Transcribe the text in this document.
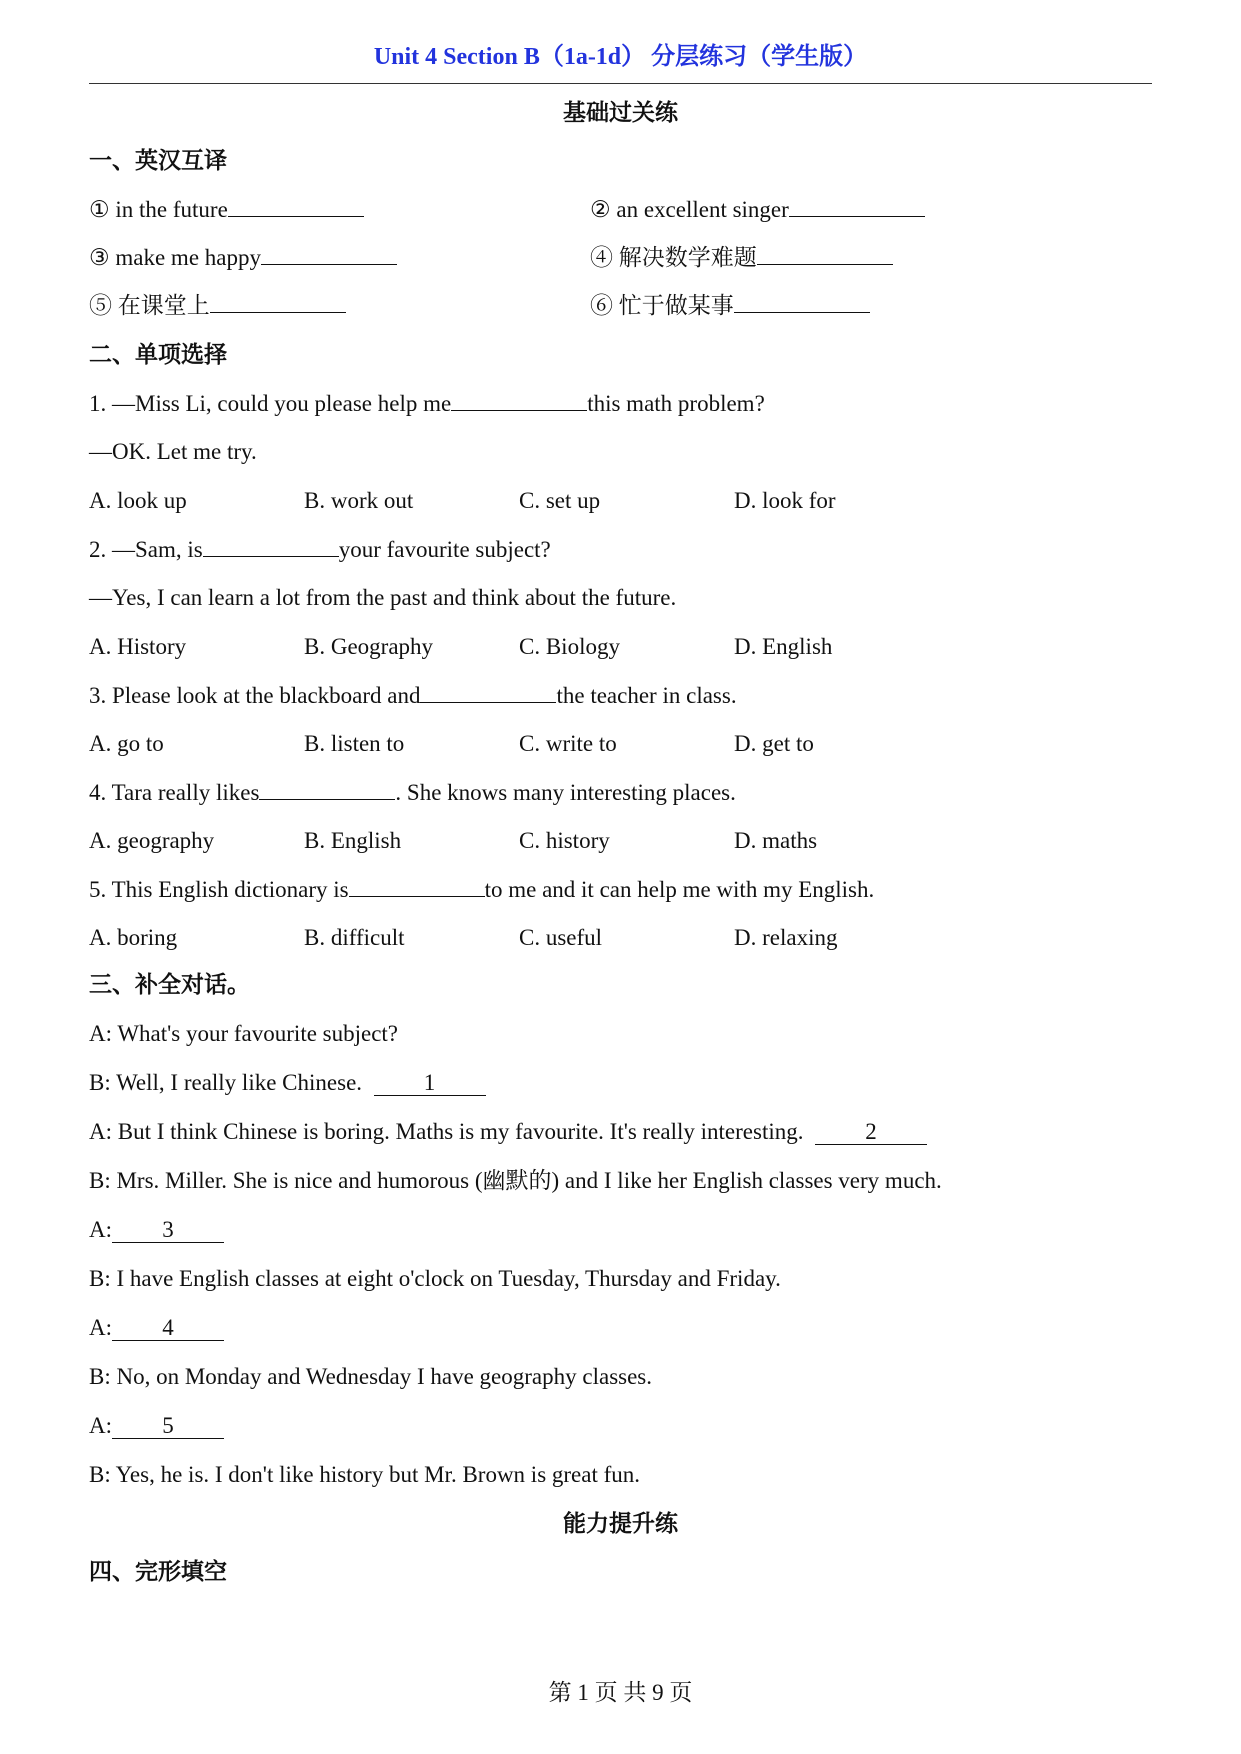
Unit 4 Section B（1a-1d） 分层练习（学生版）
基础过关练
一、英汉互译
① in the future	② an excellent singer
③ make me happy	④ 解决数学难题
⑤ 在课堂上	⑥ 忙于做某事
二、单项选择
1. —Miss Li, could you please help me	this math problem?
—OK. Let me try.
A. look up	B. work out	C. set up	D. look for
2. —Sam, is	your favourite subject?
—Yes, I can learn a lot from the past and think about the future.
A. History	B. Geography	C. Biology	D. English
3. Please look at the blackboard and	the teacher in class.
A. go to	B. listen to	C. write to	D. get to
4. Tara really likes	. She knows many interesting places.
A. geography	B. English	C. history	D. maths
5. This English dictionary is	to me and it can help me with my English.
A. boring	B. difficult	C. useful	D. relaxing
三、补全对话。
A: What's your favourite subject?
B: Well, I really like Chinese.	1
A: But I think Chinese is boring. Maths is my favourite. It's really interesting.	2
B: Mrs. Miller. She is nice and humorous (幽默的) and I like her English classes very much.
A: 3
B: I have English classes at eight o'clock on Tuesday, Thursday and Friday.
A: 4
B: No, on Monday and Wednesday I have geography classes.
A: 5
B: Yes, he is. I don't like history but Mr. Brown is great fun.
能力提升练
四、完形填空
第 1 页 共 9 页
